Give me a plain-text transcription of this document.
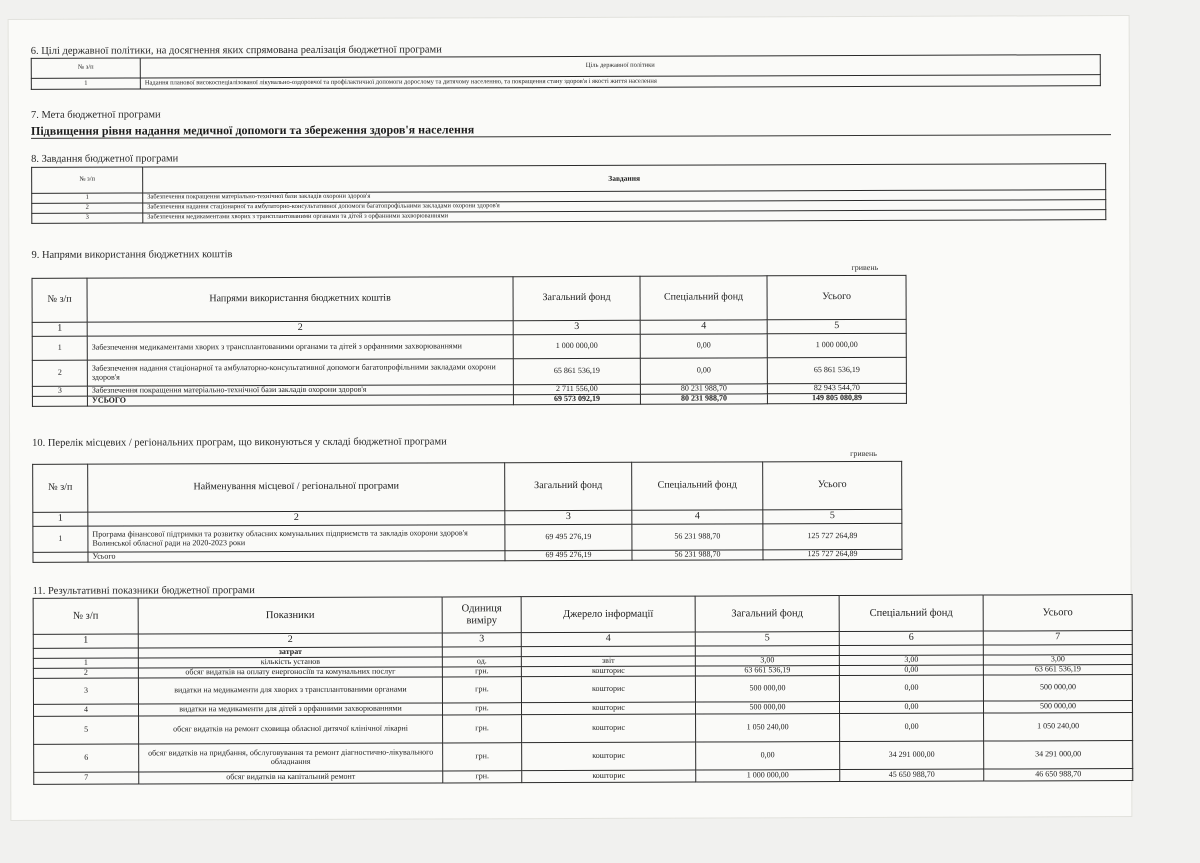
6. Цілі державної політики, на досягнення яких спрямована реалізація бюджетної програми
№ з/п	Ціль державної політики
1	Надання планової високоспеціалізованої лікувально-оздоровчої та профілактичної допомоги дорослому та дитячому населенню, та покращення стану здоров'я і якості життя населення
7. Мета бюджетної програми
Підвищення рівня надання медичної допомоги та збереження здоров'я населення
8. Завдання бюджетної програми
№ з/п	Завдання
1	Забезпечення покращення матеріально-технічної бази закладів охорони здоров'я
2	Забезпечення надання стаціонарної та амбулаторно-консультативної допомоги багатопрофільними закладами охорони здоров'я
3	Забезпечення медикаментами хворих з трансплантованими органами та дітей з орфанними захворюваннями
9. Напрями використання бюджетних коштів
гривень
№ з/п	Напрями використання бюджетних коштів	Загальний фонд	Спеціальний фонд	Усього
1	2	3	4	5
1	Забезпечення медикаментами хворих з трансплантованими органами та дітей з орфанними захворюваннями	1 000 000,00	0,00	1 000 000,00
2	Забезпечення надання стаціонарної та амбулаторно-консультативної допомоги багатопрофільними закладами охорони здоров'я	65 861 536,19	0,00	65 861 536,19
3	Забезпечення покращення матеріально-технічної бази закладів охорони здоров'я	2 711 556,00	80 231 988,70	82 943 544,70
	УСЬОГО	69 573 092,19	80 231 988,70	149 805 080,89
10. Перелік місцевих / регіональних програм, що виконуються у складі бюджетної програми
гривень
№ з/п	Найменування місцевої / регіональної програми	Загальний фонд	Спеціальний фонд	Усього
1	2	3	4	5
1	Програма фінансової підтримки та розвитку обласних комунальних підприємств та закладів охорони здоров'я Волинської обласної ради на 2020-2023 роки	69 495 276,19	56 231 988,70	125 727 264,89
	Усього	69 495 276,19	56 231 988,70	125 727 264,89
11. Результативні показники бюджетної програми
№ з/п	Показники	Одиниця виміру	Джерело інформації	Загальний фонд	Спеціальний фонд	Усього
1	2	3	4	5	6	7
	затрат					
1	кількість установ	од.	звіт	3,00	3,00	3,00
2	обсяг видатків на оплату енергоносіїв та комунальних послуг	грн.	кошторис	63 661 536,19	0,00	63 661 536,19
3	видатки на медикаменти для хворих з трансплантованими органами	грн.	кошторис	500 000,00	0,00	500 000,00
4	видатки на медикаменти для дітей з орфанними захворюваннями	грн.	кошторис	500 000,00	0,00	500 000,00
5	обсяг видатків на ремонт сховища обласної дитячої клінічної лікарні	грн.	кошторис	1 050 240,00	0,00	1 050 240,00
6	обсяг видатків на придбання, обслуговування та ремонт діагностично-лікувального обладнання	грн.	кошторис	0,00	34 291 000,00	34 291 000,00
7	обсяг видатків на капітальний ремонт	грн.	кошторис	1 000 000,00	45 650 988,70	46 650 988,70
